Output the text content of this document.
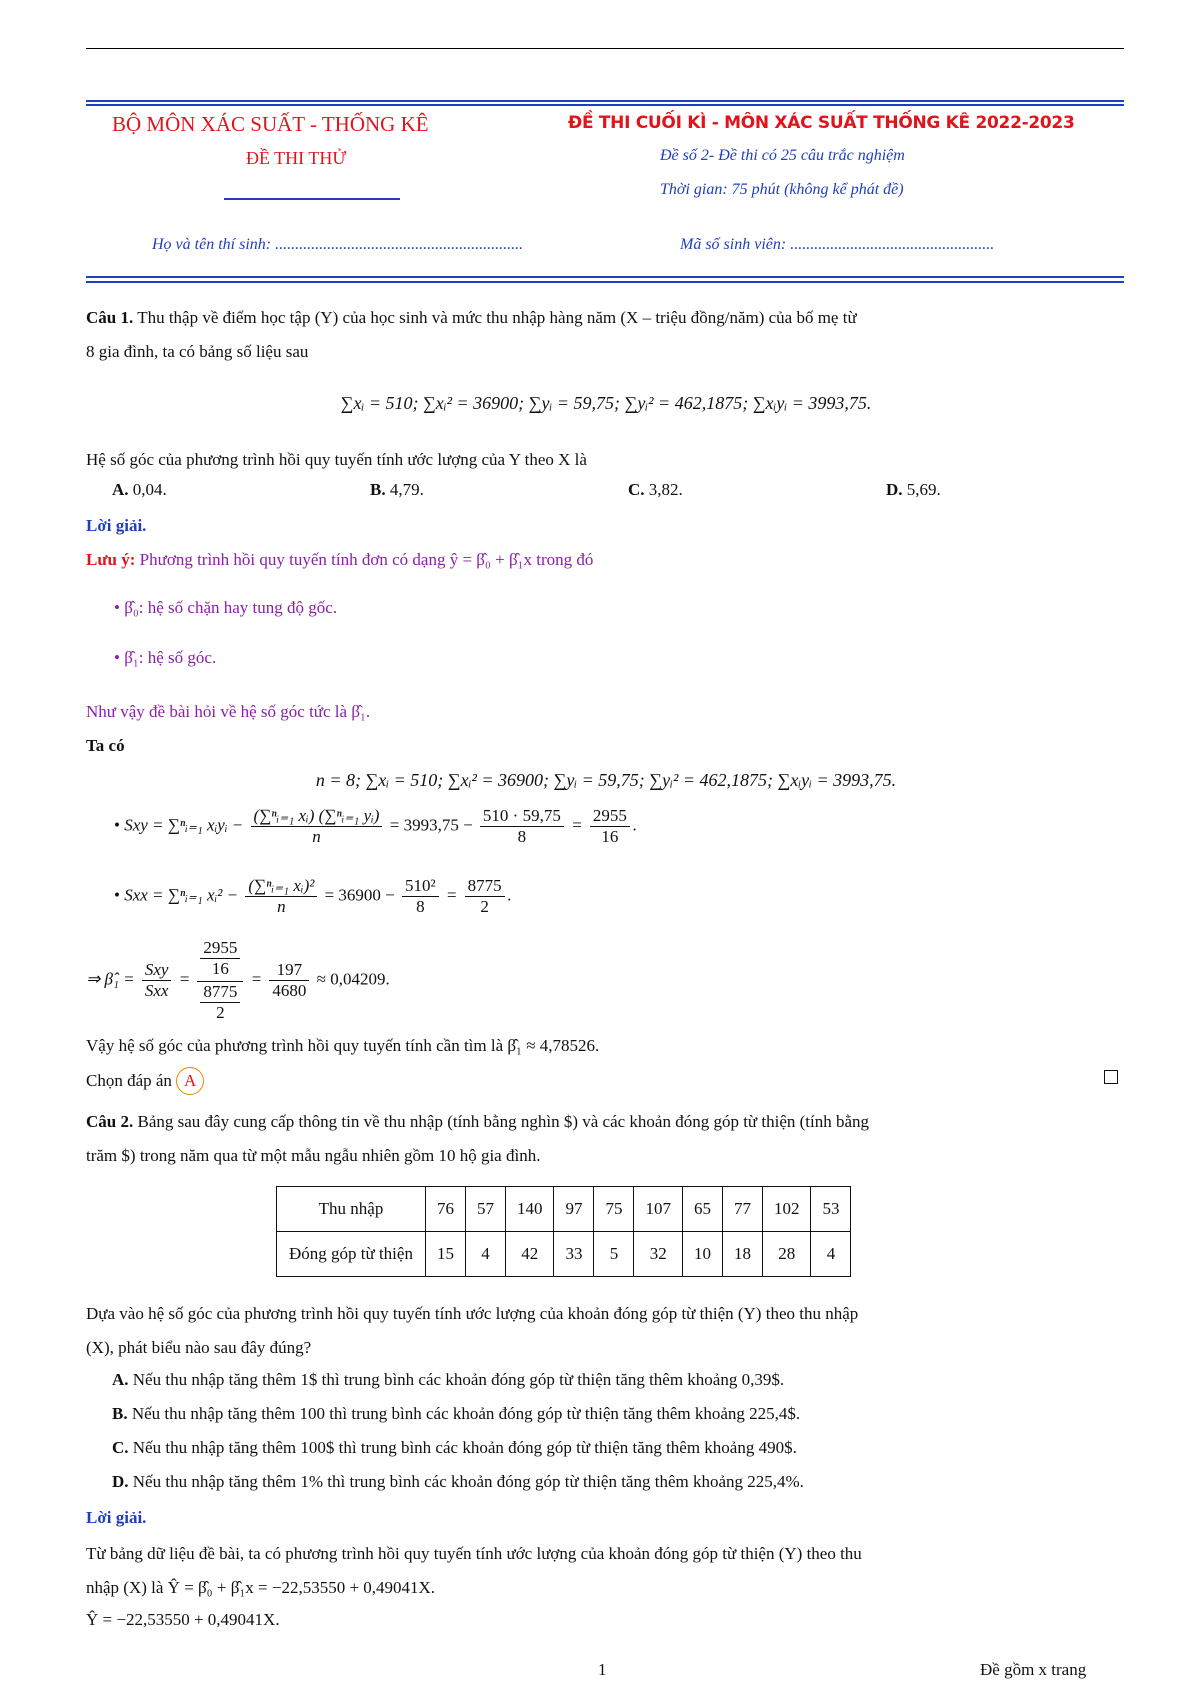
BỘ MÔN XÁC SUẤT - THỐNG KÊ
ĐỀ THI THỬ
ĐỀ THI CUỐI KÌ - MÔN XÁC SUẤT THỐNG KÊ 2022-2023
Đề số 2- Đề thi có 25 câu trắc nghiệm
Thời gian: 75 phút (không kể phát đề)
Họ và tên thí sinh: ..............................................................	Mã số sinh viên: ...................................................
Câu 1. Thu thập về điểm học tập (Y) của học sinh và mức thu nhập hàng năm (X – triệu đồng/năm) của bố mẹ từ
8 gia đình, ta có bảng số liệu sau
∑xᵢ = 510; ∑xᵢ² = 36900; ∑yᵢ = 59,75; ∑yᵢ² = 462,1875; ∑xᵢyᵢ = 3993,75.
Hệ số góc của phương trình hồi quy tuyến tính ước lượng của Y theo X là
A. 0,04.	B. 4,79.	C. 3,82.	D. 5,69.
Lời giải.
Lưu ý: Phương trình hồi quy tuyến tính đơn có dạng ŷ = β̂₀ + β̂₁x trong đó
• β̂₀: hệ số chặn hay tung độ gốc.
• β̂₁: hệ số góc.
Như vậy đề bài hỏi về hệ số góc tức là β̂₁.
Ta có
n = 8; ∑xᵢ = 510; ∑xᵢ² = 36900; ∑yᵢ = 59,75; ∑yᵢ² = 462,1875; ∑xᵢyᵢ = 3993,75.
• Sxy = ∑ⁿᵢ₌₁ xᵢyᵢ − $\frac{\text{(∑ⁿᵢ₌₁ xᵢ) (∑ⁿᵢ₌₁ yᵢ)}}{n} = 3993,75 - \frac{510 \cdot 59,75}{8} = \frac{2955}{16}$ .
• Sxx = ∑ⁿᵢ₌₁ xᵢ² − $\frac{\text{(∑ⁿᵢ₌₁ xᵢ)²}}{n} = 36900 - \frac{\text{510²}}{8} = \frac{8775}{2}$ .
⇒ β̂₁ = $\frac{\text{Sxy}}{\text{Sxx}} = \frac{\frac{2955}{16}}{\frac{8775}{2}} = \frac{197}{4680} \approx 0,04209$.
Vậy hệ số góc của phương trình hồi quy tuyến tính cần tìm là β̂₁ ≈ 4,78526.
Chọn đáp án A
Câu 2. Bảng sau đây cung cấp thông tin về thu nhập (tính bằng nghìn $) và các khoản đóng góp từ thiện (tính bằng
trăm $) trong năm qua từ một mẫu ngẫu nhiên gồm 10 hộ gia đình.
Thu nhập	76	57	140	97	75	107	65	77	102	53
Đóng góp từ thiện	15	4	42	33	5	32	10	18	28	4
Dựa vào hệ số góc của phương trình hồi quy tuyến tính ước lượng của khoản đóng góp từ thiện (Y) theo thu nhập
(X), phát biểu nào sau đây đúng?
A. Nếu thu nhập tăng thêm 1$ thì trung bình các khoản đóng góp từ thiện tăng thêm khoảng 0,39$.
B. Nếu thu nhập tăng thêm 100 thì trung bình các khoản đóng góp từ thiện tăng thêm khoảng 225,4$.
C. Nếu thu nhập tăng thêm 100$ thì trung bình các khoản đóng góp từ thiện tăng thêm khoảng 490$.
D. Nếu thu nhập tăng thêm 1% thì trung bình các khoản đóng góp từ thiện tăng thêm khoảng 225,4%.
Lời giải.
Từ bảng dữ liệu đề bài, ta có phương trình hồi quy tuyến tính ước lượng của khoản đóng góp từ thiện (Y) theo thu
nhập (X) là Ŷ = β̂₀ + β̂₁x = −22,53550 + 0,49041X.
Ŷ = −22,53550 + 0,49041X.
1	Đề gồm x trang
